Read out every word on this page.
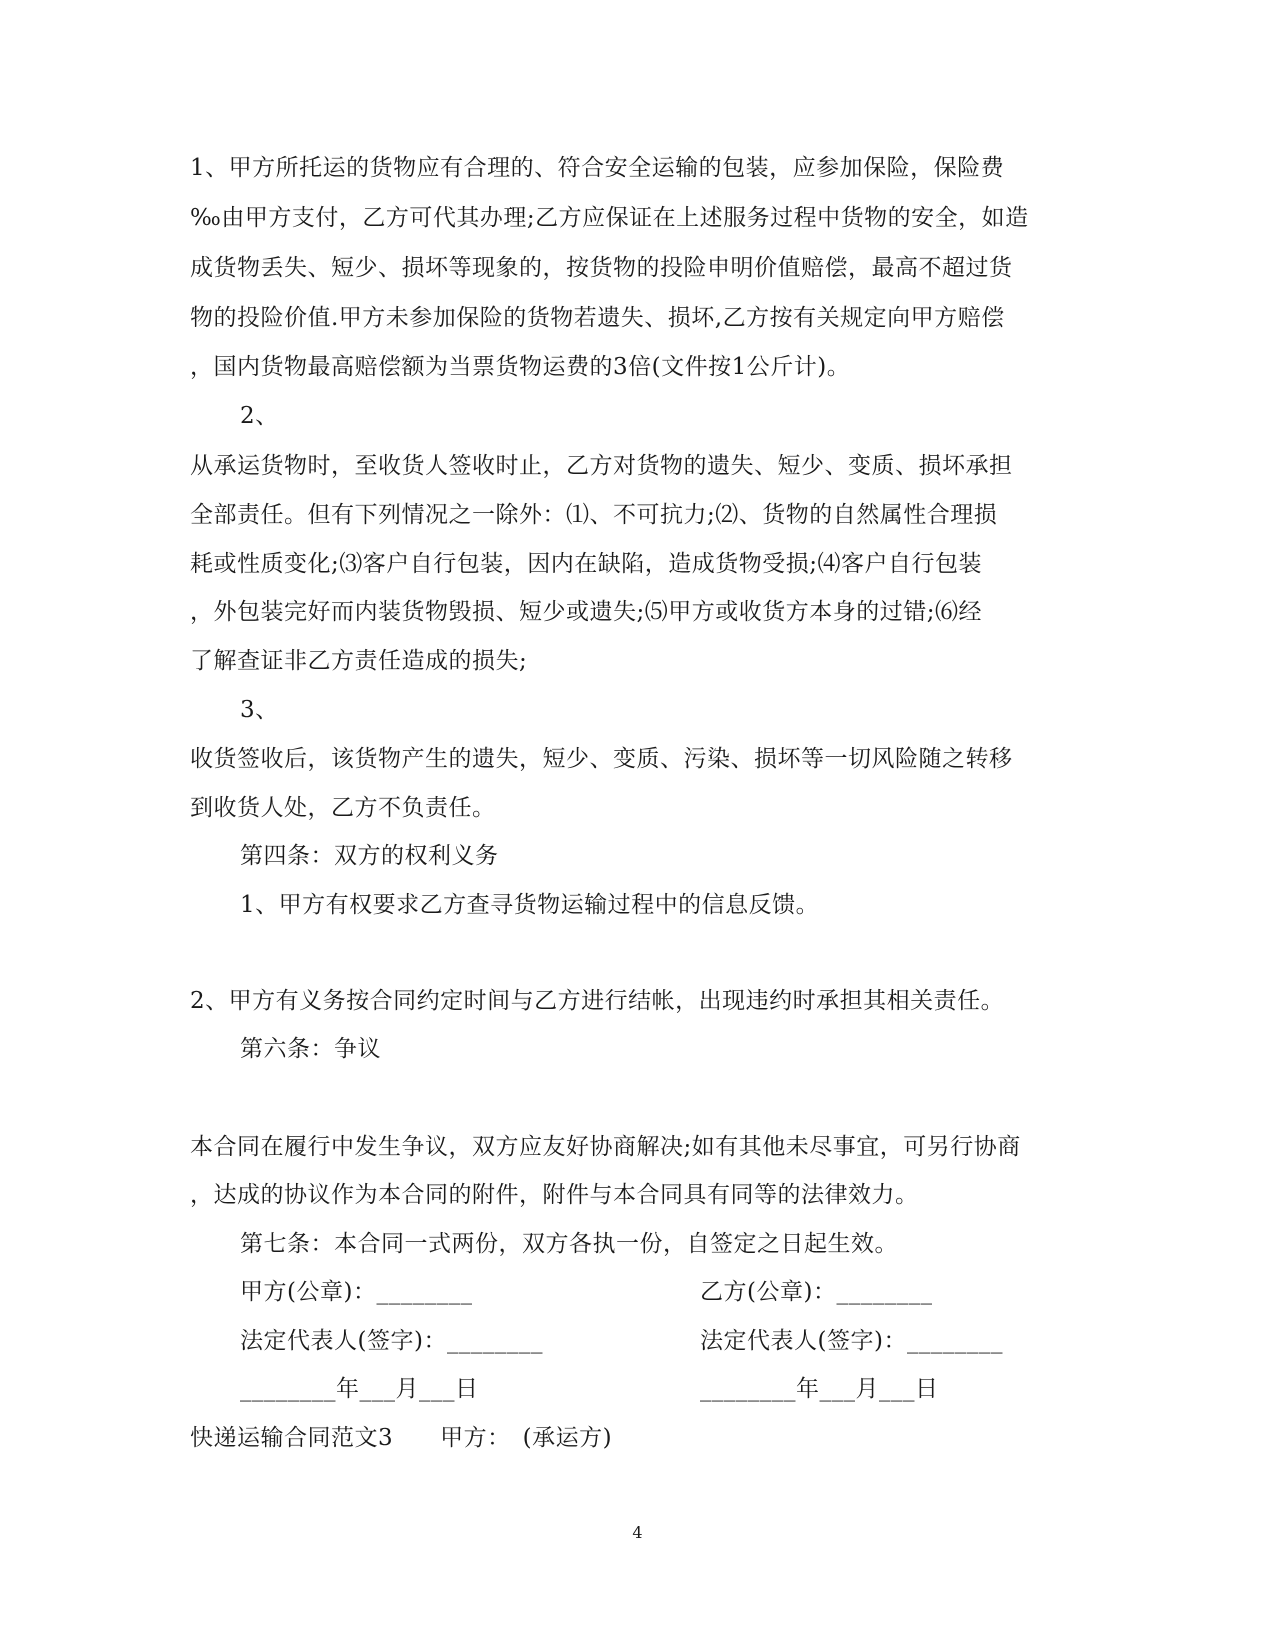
1、甲方所托运的货物应有合理的、符合安全运输的包装，应参加保险，保险费
‰由甲方支付，乙方可代其办理;乙方应保证在上述服务过程中货物的安全，如造
成货物丢失、短少、损坏等现象的，按货物的投险申明价值赔偿，最高不超过货
物的投险价值.甲方未参加保险的货物若遗失、损坏,乙方按有关规定向甲方赔偿
，国内货物最高赔偿额为当票货物运费的3倍(文件按1公斤计)。
2、
从承运货物时，至收货人签收时止，乙方对货物的遗失、短少、变质、损坏承担
全部责任。但有下列情况之一除外：⑴、不可抗力;⑵、货物的自然属性合理损
耗或性质变化;⑶客户自行包装，因内在缺陷，造成货物受损;⑷客户自行包装
，外包装完好而内装货物毁损、短少或遗失;⑸甲方或收货方本身的过错;⑹经
了解查证非乙方责任造成的损失;
3、
收货签收后，该货物产生的遗失，短少、变质、污染、损坏等一切风险随之转移
到收货人处，乙方不负责任。
第四条：双方的权利义务
1、甲方有权要求乙方查寻货物运输过程中的信息反馈。
2、甲方有义务按合同约定时间与乙方进行结帐，出现违约时承担其相关责任。
第六条：争议
本合同在履行中发生争议，双方应友好协商解决;如有其他未尽事宜，可另行协商
，达成的协议作为本合同的附件，附件与本合同具有同等的法律效力。
第七条：本合同一式两份，双方各执一份，自签定之日起生效。
甲方(公章)：________	乙方(公章)：________
法定代表人(签字)：________	法定代表人(签字)：________
________年___月___日	________年___月___日
快递运输合同范文3　　甲方：　(承运方)
4
